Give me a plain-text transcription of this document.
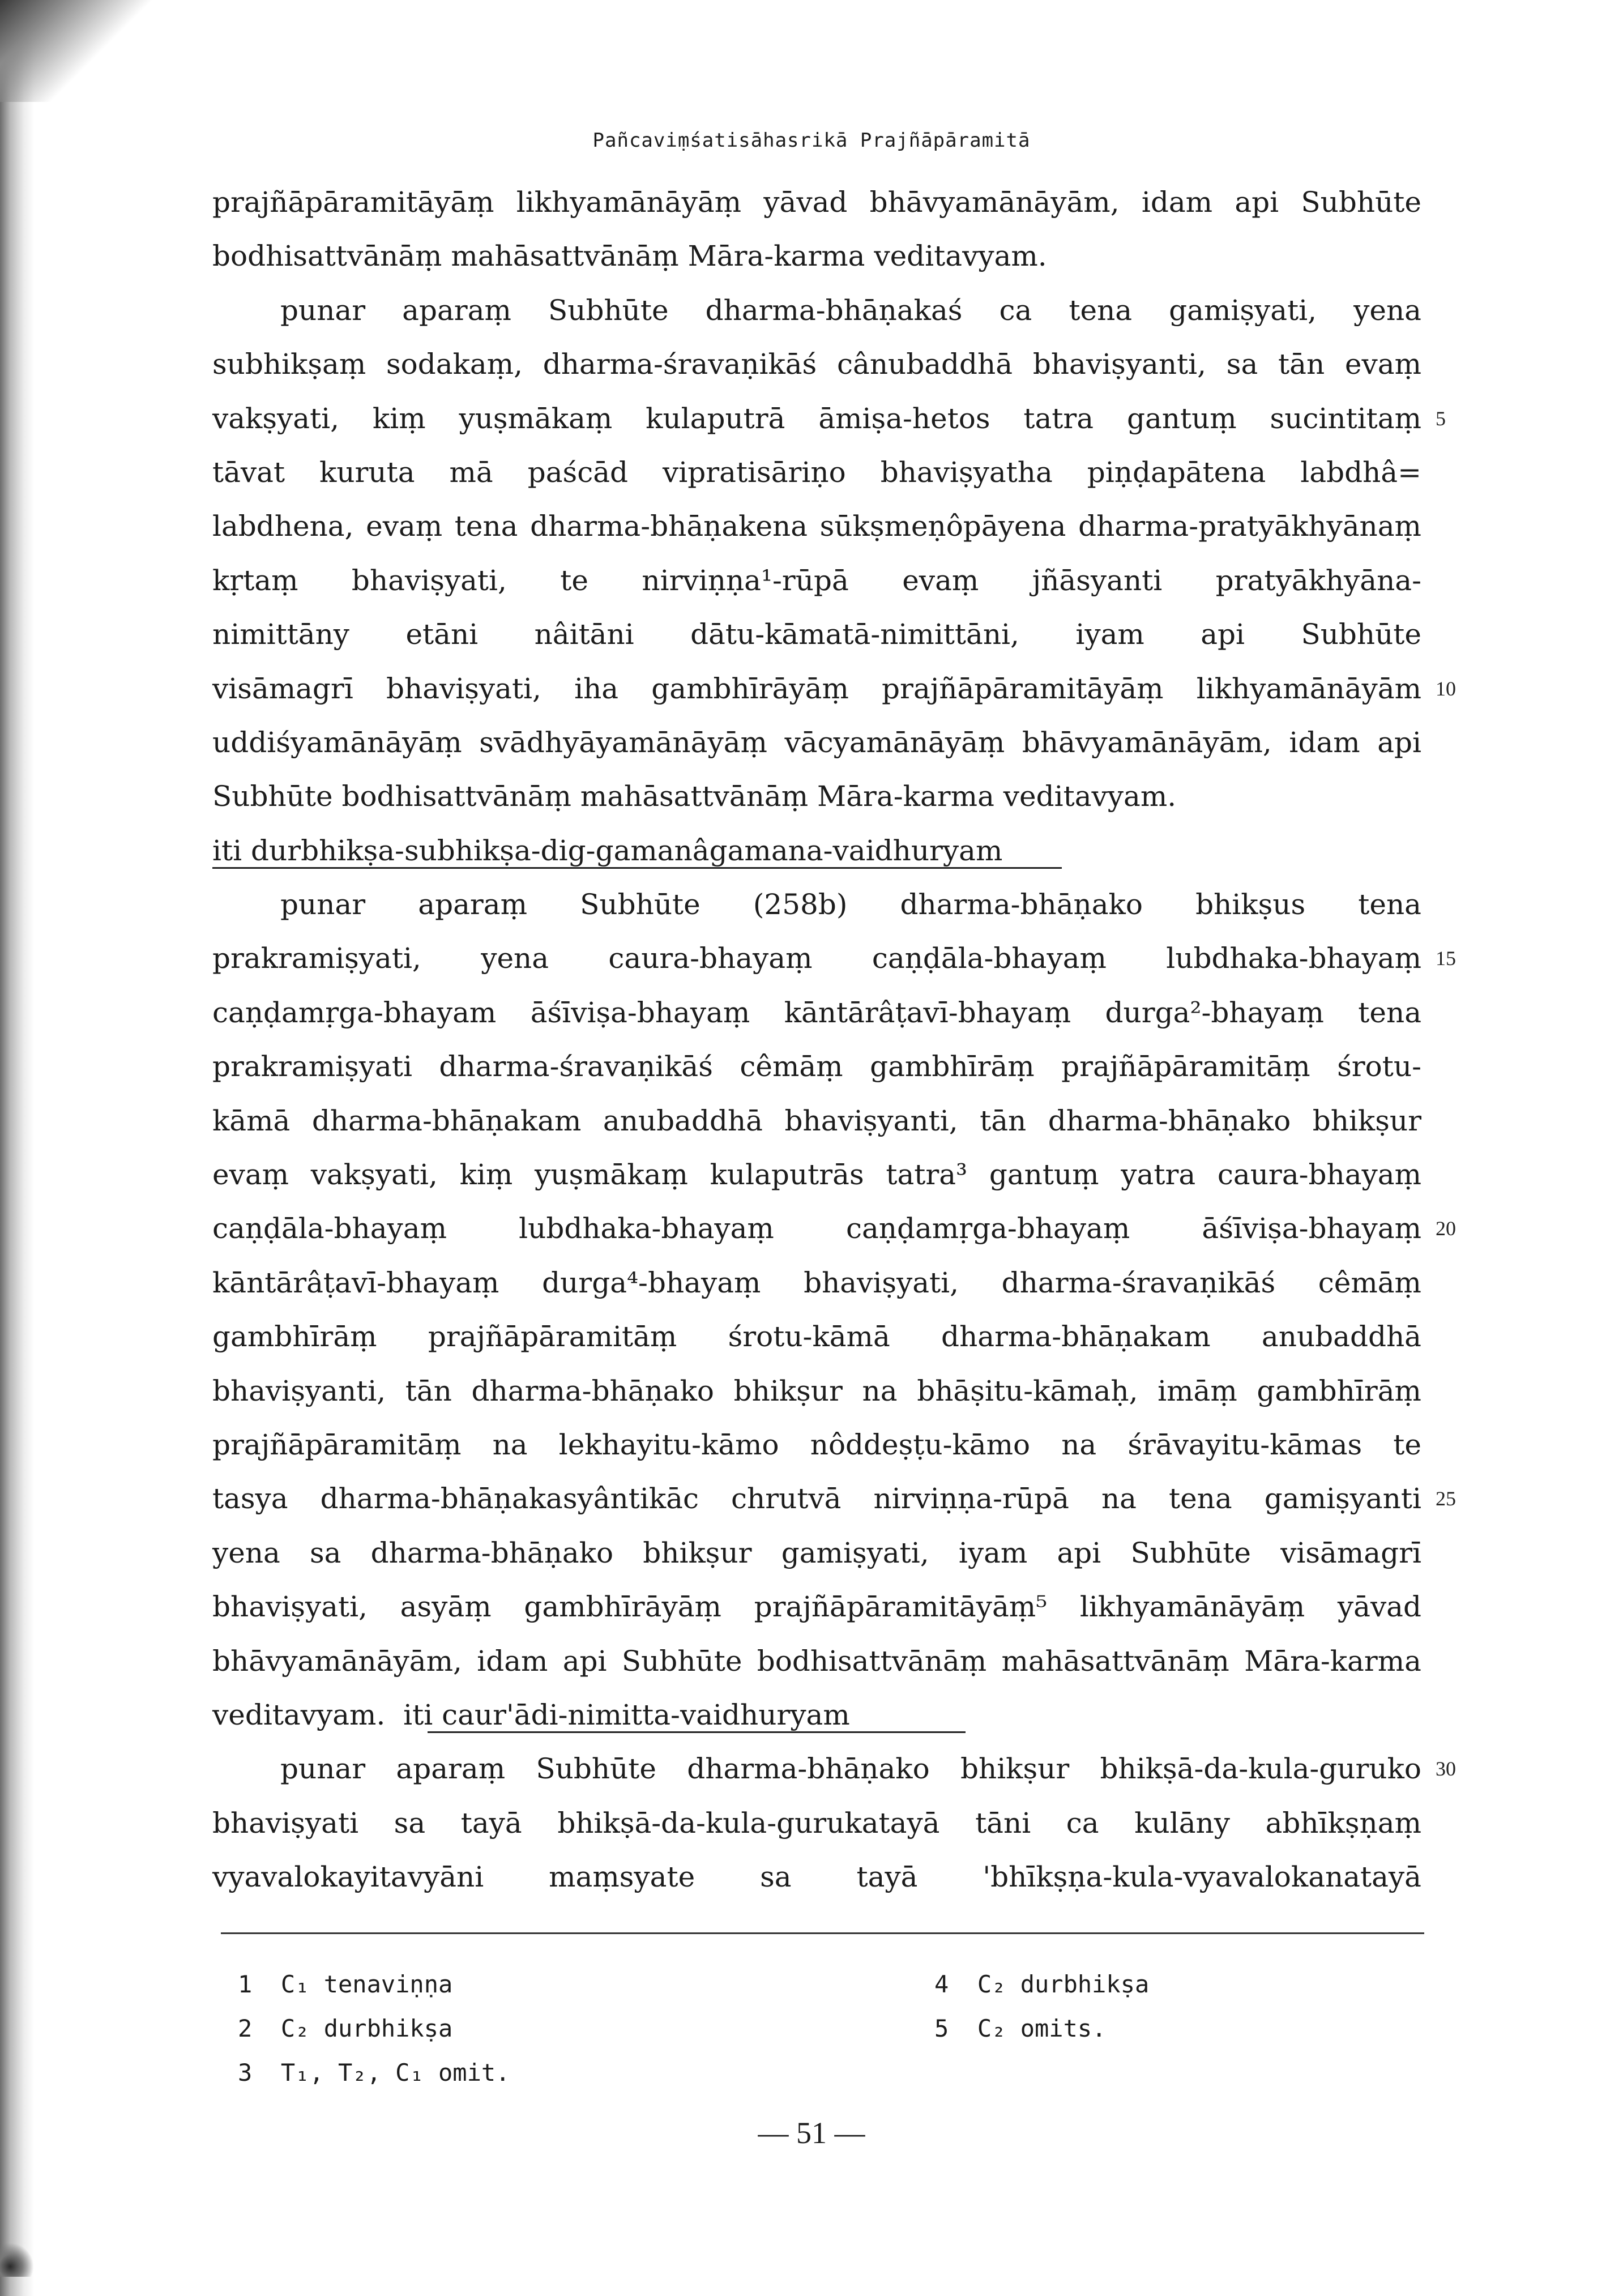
Pañcaviṃśatisāhasrikā Prajñāpāramitā
prajñāpāramitāyāṃ likhyamānāyāṃ yāvad bhāvyamānāyām, idam api Subhūte
bodhisattvānāṃ mahāsattvānāṃ Māra-karma veditavyam.
punar aparaṃ Subhūte dharma-bhāṇakaś ca tena gamiṣyati, yena
subhikṣaṃ sodakaṃ, dharma-śravaṇikāś cânubaddhā bhaviṣyanti, sa tān evaṃ
vakṣyati, kiṃ yuṣmākaṃ kulaputrā āmiṣa-hetos tatra gantuṃ sucintitaṃ 5
tāvat kuruta mā paścād vipratisāriṇo bhaviṣyatha piṇḍapātena labdhâ=
labdhena, evaṃ tena dharma-bhāṇakena sūkṣmeṇôpāyena dharma-pratyākhyānaṃ
kṛtaṃ bhaviṣyati, te nirviṇṇa¹-rūpā evaṃ jñāsyanti pratyākhyāna-
nimittāny etāni nâitāni dātu-kāmatā-nimittāni, iyam api Subhūte
visāmagrī bhaviṣyati, iha gambhīrāyāṃ prajñāpāramitāyāṃ likhyamānāyām 10
uddiśyamānāyāṃ svādhyāyamānāyāṃ vācyamānāyāṃ bhāvyamānāyām, idam api
Subhūte bodhisattvānāṃ mahāsattvānāṃ Māra-karma veditavyam.
iti durbhikṣa-subhikṣa-dig-gamanâgamana-vaidhuryam
punar aparaṃ Subhūte (258b) dharma-bhāṇako bhikṣus tena
prakramiṣyati, yena caura-bhayaṃ caṇḍāla-bhayaṃ lubdhaka-bhayaṃ 15
caṇḍamṛga-bhayam āśīviṣa-bhayaṃ kāntārâṭavī-bhayaṃ durga²-bhayaṃ tena
prakramiṣyati dharma-śravaṇikāś cêmāṃ gambhīrāṃ prajñāpāramitāṃ śrotu-
kāmā dharma-bhāṇakam anubaddhā bhaviṣyanti, tān dharma-bhāṇako bhikṣur
evaṃ vakṣyati, kiṃ yuṣmākaṃ kulaputrās tatra³ gantuṃ yatra caura-bhayaṃ
caṇḍāla-bhayaṃ lubdhaka-bhayaṃ caṇḍamṛga-bhayaṃ āśīviṣa-bhayaṃ 20
kāntārâṭavī-bhayaṃ durga⁴-bhayaṃ bhaviṣyati, dharma-śravaṇikāś cêmāṃ
gambhīrāṃ prajñāpāramitāṃ śrotu-kāmā dharma-bhāṇakam anubaddhā
bhaviṣyanti, tān dharma-bhāṇako bhikṣur na bhāṣitu-kāmaḥ, imāṃ gambhīrāṃ
prajñāpāramitāṃ na lekhayitu-kāmo nôddeṣṭu-kāmo na śrāvayitu-kāmas te
tasya dharma-bhāṇakasyântikāc chrutvā nirviṇṇa-rūpā na tena gamiṣyanti 25
yena sa dharma-bhāṇako bhikṣur gamiṣyati, iyam api Subhūte visāmagrī
bhaviṣyati, asyāṃ gambhīrāyāṃ prajñāpāramitāyāṃ⁵ likhyamānāyāṃ yāvad
bhāvyamānāyām, idam api Subhūte bodhisattvānāṃ mahāsattvānāṃ Māra-karma
veditavyam.  iti caur'ādi-nimitta-vaidhuryam
punar aparaṃ Subhūte dharma-bhāṇako bhikṣur bhikṣā-da-kula-guruko 30
bhaviṣyati sa tayā bhikṣā-da-kula-gurukatayā tāni ca kulāny abhīkṣṇaṃ
vyavalokayitavyāni maṃsyate sa tayā 'bhīkṣṇa-kula-vyavalokanatayā
1  C₁ tenaviṇṇa
2  C₂ durbhikṣa
3  T₁, T₂, C₁ omit.
4  C₂ durbhikṣa
5  C₂ omits.
— 51 —
